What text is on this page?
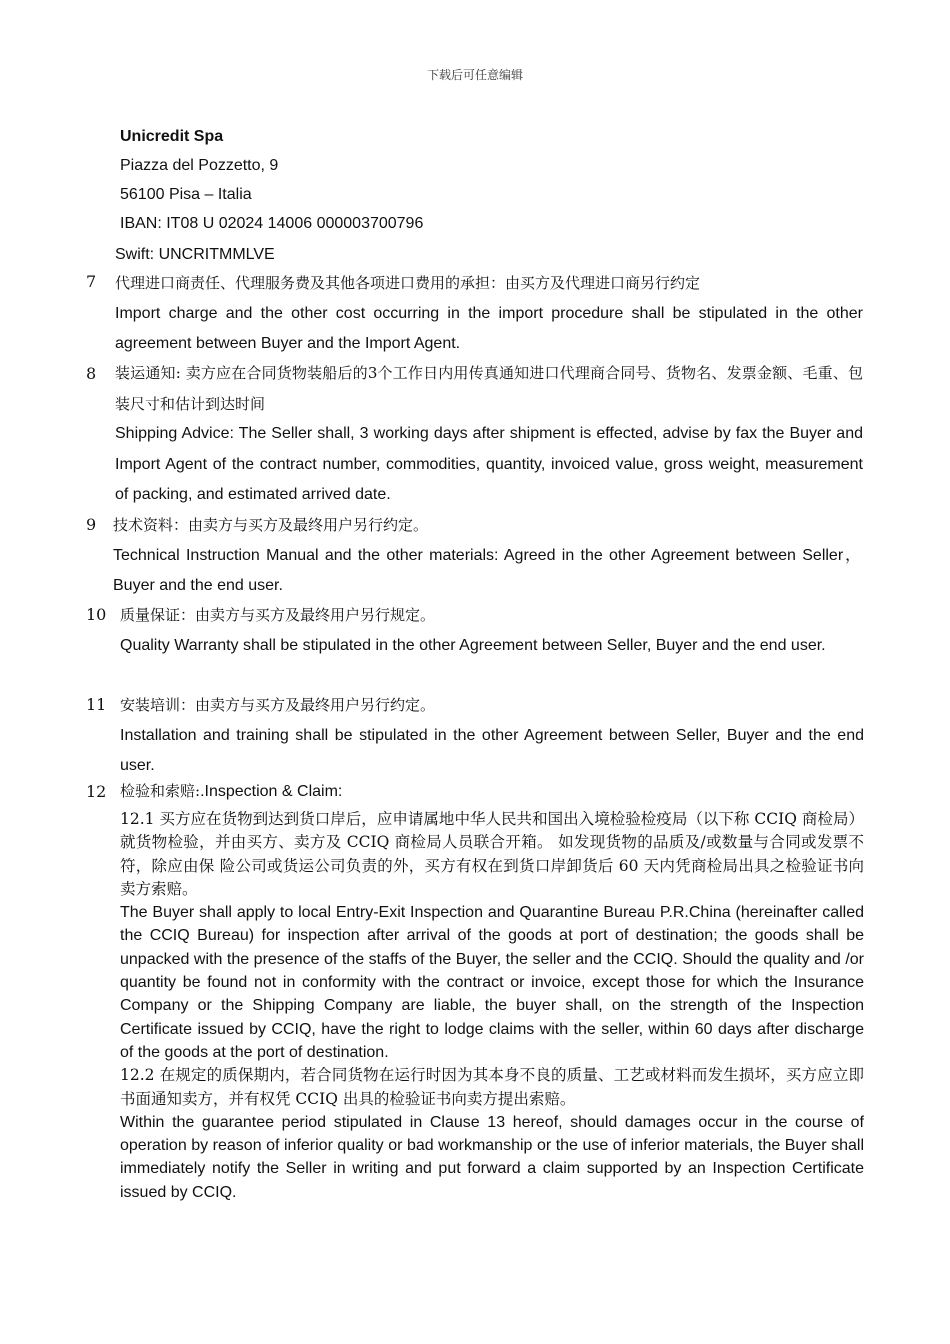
下载后可任意编辑
Unicredit Spa
Piazza del Pozzetto, 9
56100 Pisa – Italia
IBAN: IT08 U 02024 14006 000003700796
Swift: UNCRITMMLVE
7 代理进口商责任、代理服务费及其他各项进口费用的承担：由买方及代理进口商另行约定
Import charge and the other cost occurring in the import procedure shall be stipulated in the other agreement between Buyer and the Import Agent.
8 装运通知: 卖方应在合同货物装船后的3个工作日内用传真通知进口代理商合同号、货物名、发票金额、毛重、包装尺寸和估计到达时间
Shipping Advice: The Seller shall, 3 working days after shipment is effected, advise by fax the Buyer and Import Agent of the contract number, commodities, quantity, invoiced value, gross weight, measurement of packing, and estimated arrived date.
9 技术资料：由卖方与买方及最终用户另行约定。
Technical Instruction Manual and the other materials: Agreed in the other Agreement between Seller，Buyer and the end user.
10 质量保证：由卖方与买方及最终用户另行规定。
Quality Warranty shall be stipulated in the other Agreement between Seller, Buyer and the end user.
11 安装培训：由卖方与买方及最终用户另行约定。
Installation and training shall be stipulated in the other Agreement between Seller, Buyer and the end user.
12 检验和索赔:.Inspection & Claim:
12.1 买方应在货物到达到货口岸后，应申请属地中华人民共和国出入境检验检疫局（以下称 CCIQ 商检局）就货物检验，并由买方、卖方及 CCIQ 商检局人员联合开箱。 如发现货物的品质及/或数量与合同或发票不符，除应由保 险公司或货运公司负责的外，买方有权在到货口岸卸货后 60 天内凭商检局出具之检验证书向卖方索赔。
The Buyer shall apply to local Entry-Exit Inspection and Quarantine Bureau P.R.China (hereinafter called the CCIQ Bureau) for inspection after arrival of the goods at port of destination; the goods shall be unpacked with the presence of the staffs of the Buyer, the seller and the CCIQ. Should the quality and /or quantity be found not in conformity with the contract or invoice, except those for which the Insurance Company or the Shipping Company are liable, the buyer shall, on the strength of the Inspection Certificate issued by CCIQ, have the right to lodge claims with the seller, within 60 days after discharge of the goods at the port of destination.
12.2 在规定的质保期内，若合同货物在运行时因为其本身不良的质量、工艺或材料而发生损坏，买方应立即书面通知卖方，并有权凭 CCIQ 出具的检验证书向卖方提出索赔。
Within the guarantee period stipulated in Clause 13 hereof, should damages occur in the course of operation by reason of inferior quality or bad workmanship or the use of inferior materials, the Buyer shall immediately notify the Seller in writing and put forward a claim supported by an Inspection Certificate issued by CCIQ.
